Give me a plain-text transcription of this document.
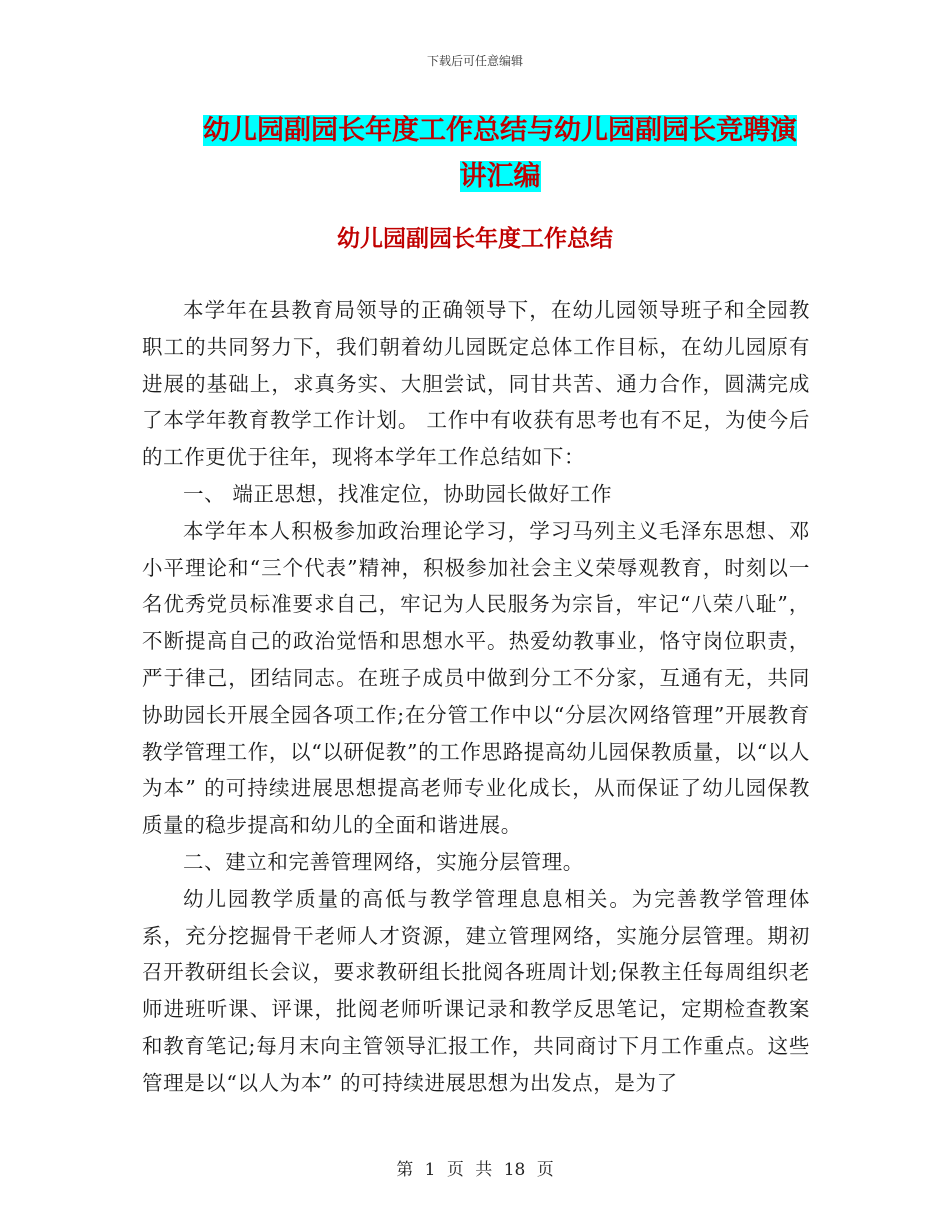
下载后可任意编辑
幼儿园副园长年度工作总结与幼儿园副园长竞聘演讲汇编
幼儿园副园长年度工作总结

本学年在县教育局领导的正确领导下，在幼儿园领导班子和全园教职工的共同努力下，我们朝着幼儿园既定总体工作目标，在幼儿园原有进展的基础上，求真务实、大胆尝试，同甘共苦、通力合作，圆满完成了本学年教育教学工作计划。 工作中有收获有思考也有不足，为使今后的工作更优于往年，现将本学年工作总结如下：

一、 端正思想，找准定位，协助园长做好工作

本学年本人积极参加政治理论学习，学习马列主义毛泽东思想、邓小平理论和“三个代表”精神，积极参加社会主义荣辱观教育，时刻以一名优秀党员标准要求自己，牢记为人民服务为宗旨，牢记“八荣八耻”，不断提高自己的政治觉悟和思想水平。热爱幼教事业，恪守岗位职责，严于律己，团结同志。在班子成员中做到分工不分家，互通有无，共同协助园长开展全园各项工作;在分管工作中以“分层次网络管理”开展教育教学管理工作，以“以研促教”的工作思路提高幼儿园保教质量，以“以人为本” 的可持续进展思想提高老师专业化成长，从而保证了幼儿园保教质量的稳步提高和幼儿的全面和谐进展。

二、建立和完善管理网络，实施分层管理。

幼儿园教学质量的高低与教学管理息息相关。为完善教学管理体系，充分挖掘骨干老师人才资源，建立管理网络，实施分层管理。期初召开教研组长会议，要求教研组长批阅各班周计划;保教主任每周组织老师进班听课、评课，批阅老师听课记录和教学反思笔记，定期检查教案和教育笔记;每月末向主管领导汇报工作，共同商讨下月工作重点。这些管理是以“以人为本” 的可持续进展思想为出发点，是为了

第 1 页 共 18 页
